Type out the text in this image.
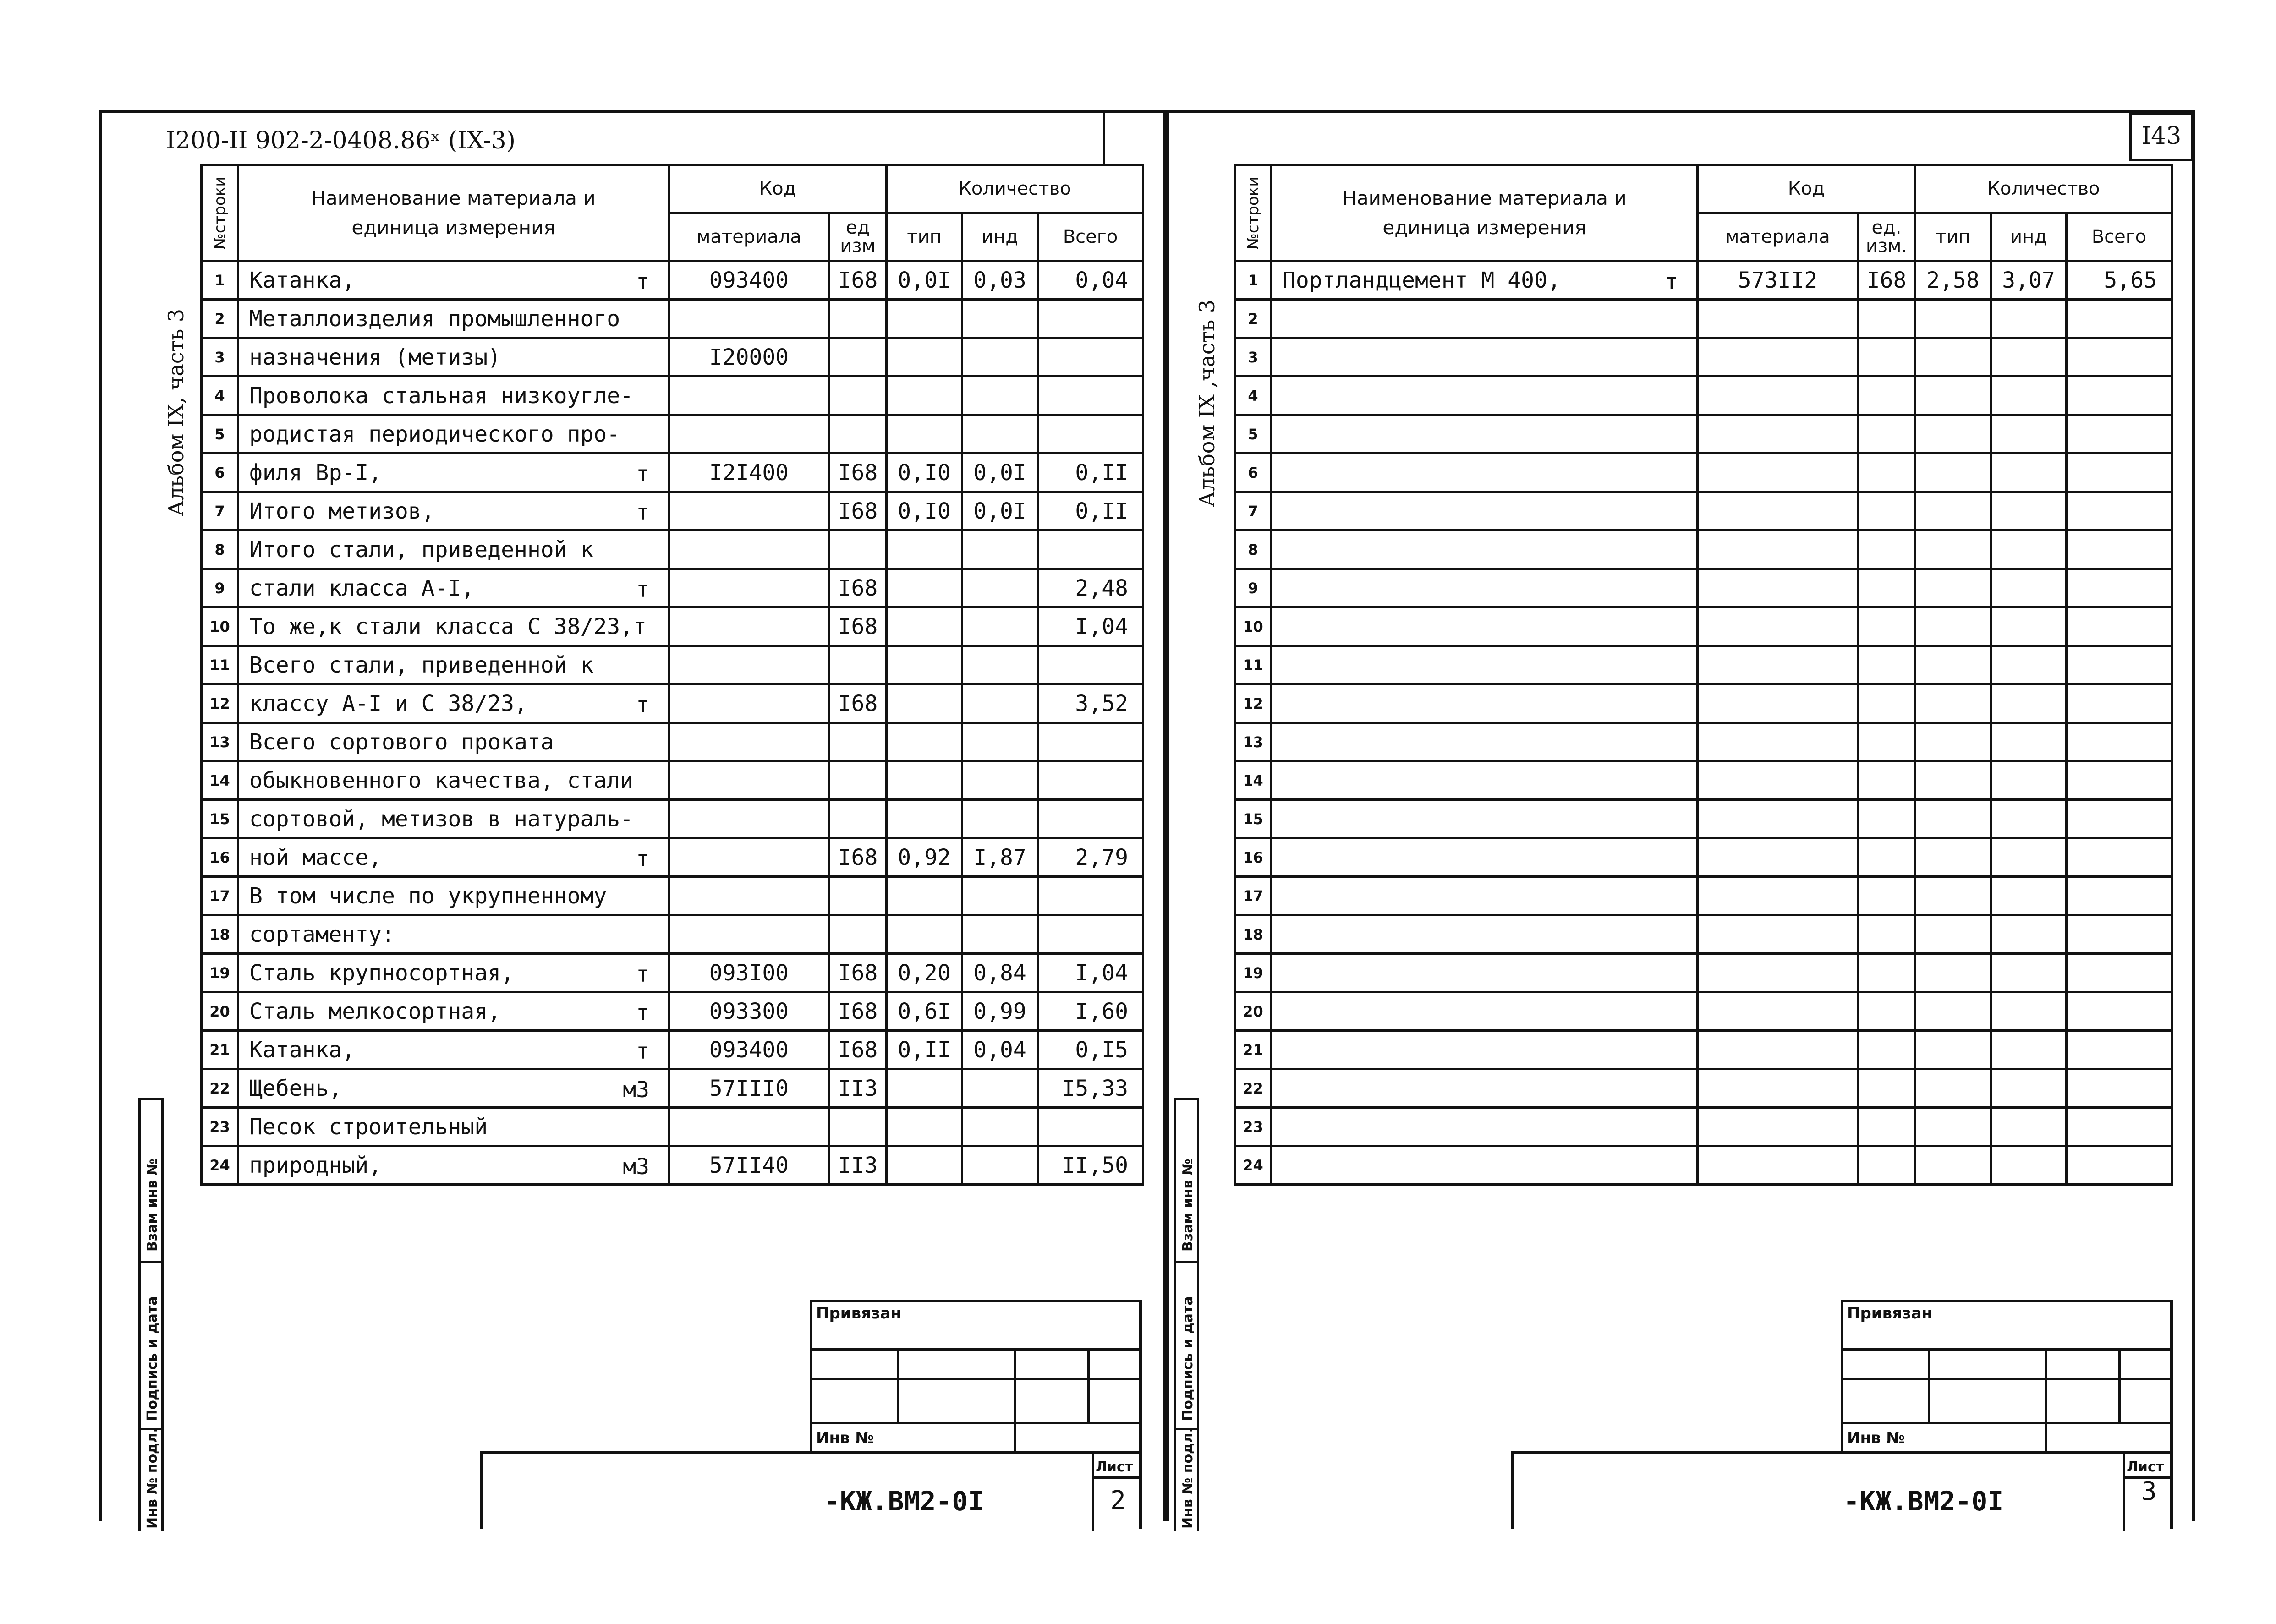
I200-II 902-2-0408.86ˣ (IX-3)
Альбом IX, часть 3
№строки	Наименование материала и единица измерения	Код		Количество		
		материала	ед изм	тип	инд	Всего
1	Катанка, т	093400	I68	0,0I	0,03	0,04
2	Металлоизделия промышленного

3	назначения (метизы)	I20000				
4	Проволока стальная низкоугле-

5	родистая периодического про-

6	филя Вр-I, т	I2I400	I68	0,I0	0,0I	0,II
7	Итого метизов, т		I68	0,I0	0,0I	0,II
8	Итого стали, приведенной к

9	стали класса А-I, т		I68			2,48
10	То же,к стали класса С 38/23,т		I68			I,04
11	Всего стали, приведенной к

12	классу А-I и С 38/23, т		I68			3,52
13	Всего сортового проката

14	обыкновенного качества, стали

15	сортовой, метизов в натураль-

16	ной массе, т		I68	0,92	I,87	2,79
17	В том числе по укрупненному

18	сортаменту:

19	Сталь крупносортная, т	093I00	I68	0,20	0,84	I,04
20	Сталь мелкосортная, т	093300	I68	0,6I	0,99	I,60
21	Катанка, т	093400	I68	0,II	0,04	0,I5
22	Щебень, м3	57III0	II3			I5,33
23	Песок строительный

24	природный, м3	57II40	II3			II,50
Привязан
Инв №
-КЖ.ВМ2-0I
Лист
2
Взам инв №
Подпись и дата
Инв № подл.
I43
Альбом IX ,часть 3
№строки	Наименование материала и единица измерения	Код		Количество		
		материала	ед. изм.	тип	инд	Всего
1	Портландцемент М 400, т	573II2	I68	2,58	3,07	5,65
2	

3	

4	

5	

6	

7	

8	

9	

10	

11	

12	

13	

14	

15	

16	

17	

18	

19	

20	

21	

22	

23	

24	

Привязан
Инв №
-КЖ.ВМ2-0I
Лист
3
Взам инв №
Подпись и дата
Инв № подл.
